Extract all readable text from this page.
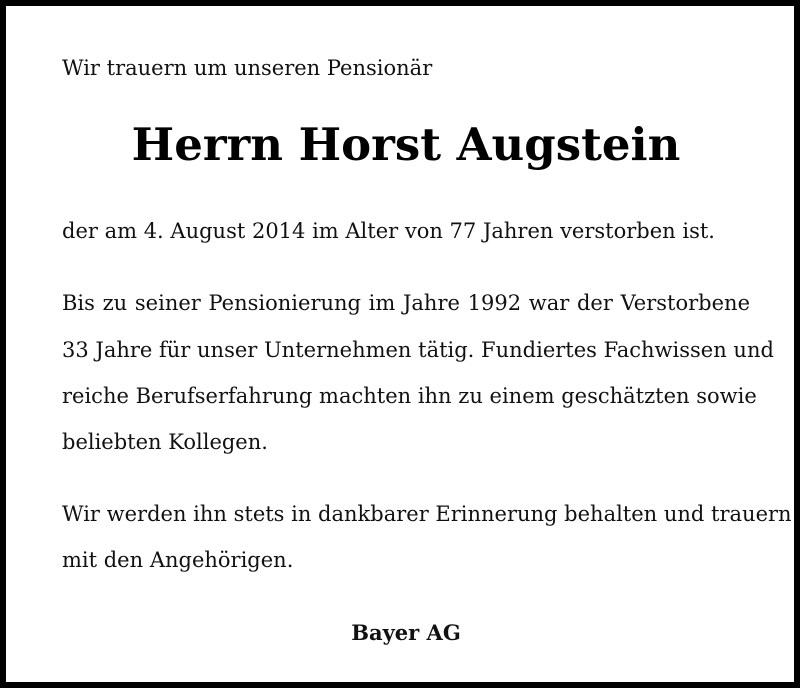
Wir trauern um unseren Pensionär

Herrn Horst Augstein

der am 4. August 2014 im Alter von 77 Jahren verstorben ist.

Bis zu seiner Pensionierung im Jahre 1992 war der Verstorbene

33 Jahre für unser Unternehmen tätig. Fundiertes Fachwissen und

reiche Berufserfahrung machten ihn zu einem geschätzten sowie

beliebten Kollegen.

Wir werden ihn stets in dankbarer Erinnerung behalten und trauern

mit den Angehörigen.

Bayer AG
